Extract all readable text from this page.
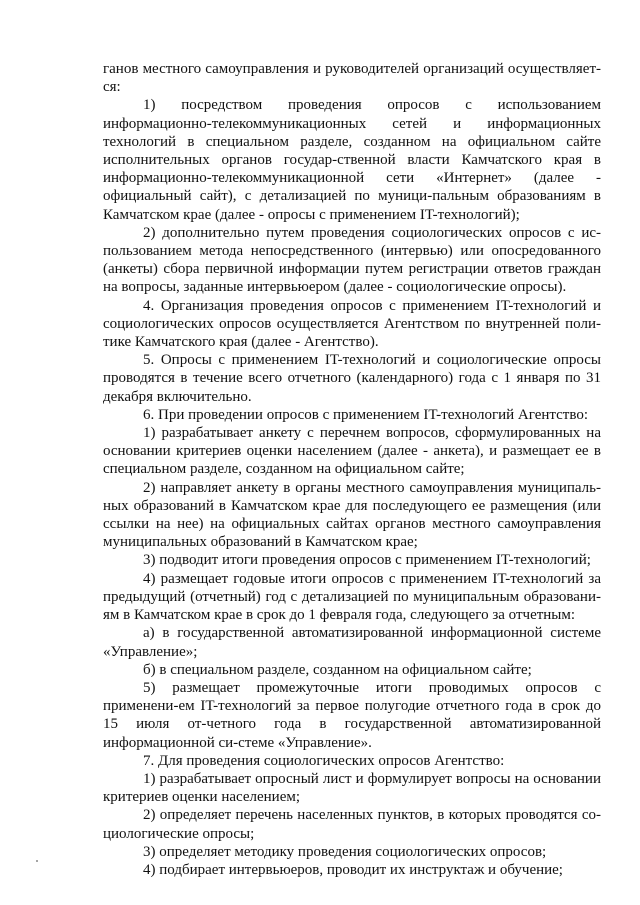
ганов местного самоуправления и руководителей организаций осуществляет-ся:

1) посредством проведения опросов с использованием информационно-телекоммуникационных сетей и информационных технологий в специальном разделе, созданном на официальном сайте исполнительных органов государ-ственной власти Камчатского края в информационно-телекоммуникационной сети «Интернет» (далее - официальный сайт), с детализацией по муници-пальным образованиям в Камчатском крае (далее - опросы с применением IT-технологий);

2) дополнительно путем проведения социологических опросов с ис-пользованием метода непосредственного (интервью) или опосредованного (анкеты) сбора первичной информации путем регистрации ответов граждан на вопросы, заданные интервьюером (далее - социологические опросы).

4. Организация проведения опросов с применением IT-технологий и социологических опросов осуществляется Агентством по внутренней поли-тике Камчатского края (далее - Агентство).

5. Опросы с применением IT-технологий и социологические опросы проводятся в течение всего отчетного (календарного) года с 1 января по 31 декабря включительно.

6. При проведении опросов с применением IT-технологий Агентство:

1) разрабатывает анкету с перечнем вопросов, сформулированных на основании критериев оценки населением (далее - анкета), и размещает ее в специальном разделе, созданном на официальном сайте;

2) направляет анкету в органы местного самоуправления муниципаль-ных образований в Камчатском крае для последующего ее размещения (или ссылки на нее) на официальных сайтах органов местного самоуправления муниципальных образований в Камчатском крае;

3) подводит итоги проведения опросов с применением IT-технологий;

4) размещает годовые итоги опросов с применением IT-технологий за предыдущий (отчетный) год с детализацией по муниципальным образовани-ям в Камчатском крае в срок до 1 февраля года, следующего за отчетным:

а) в государственной автоматизированной информационной системе «Управление»;

б) в специальном разделе, созданном на официальном сайте;

5) размещает промежуточные итоги проводимых опросов с применени-ем IT-технологий за первое полугодие отчетного года в срок до 15 июля от-четного года в государственной автоматизированной информационной си-стеме «Управление».

7. Для проведения социологических опросов Агентство:

1) разрабатывает опросный лист и формулирует вопросы на основании критериев оценки населением;

2) определяет перечень населенных пунктов, в которых проводятся со-циологические опросы;

3) определяет методику проведения социологических опросов;

4) подбирает интервьюеров, проводит их инструктаж и обучение;
